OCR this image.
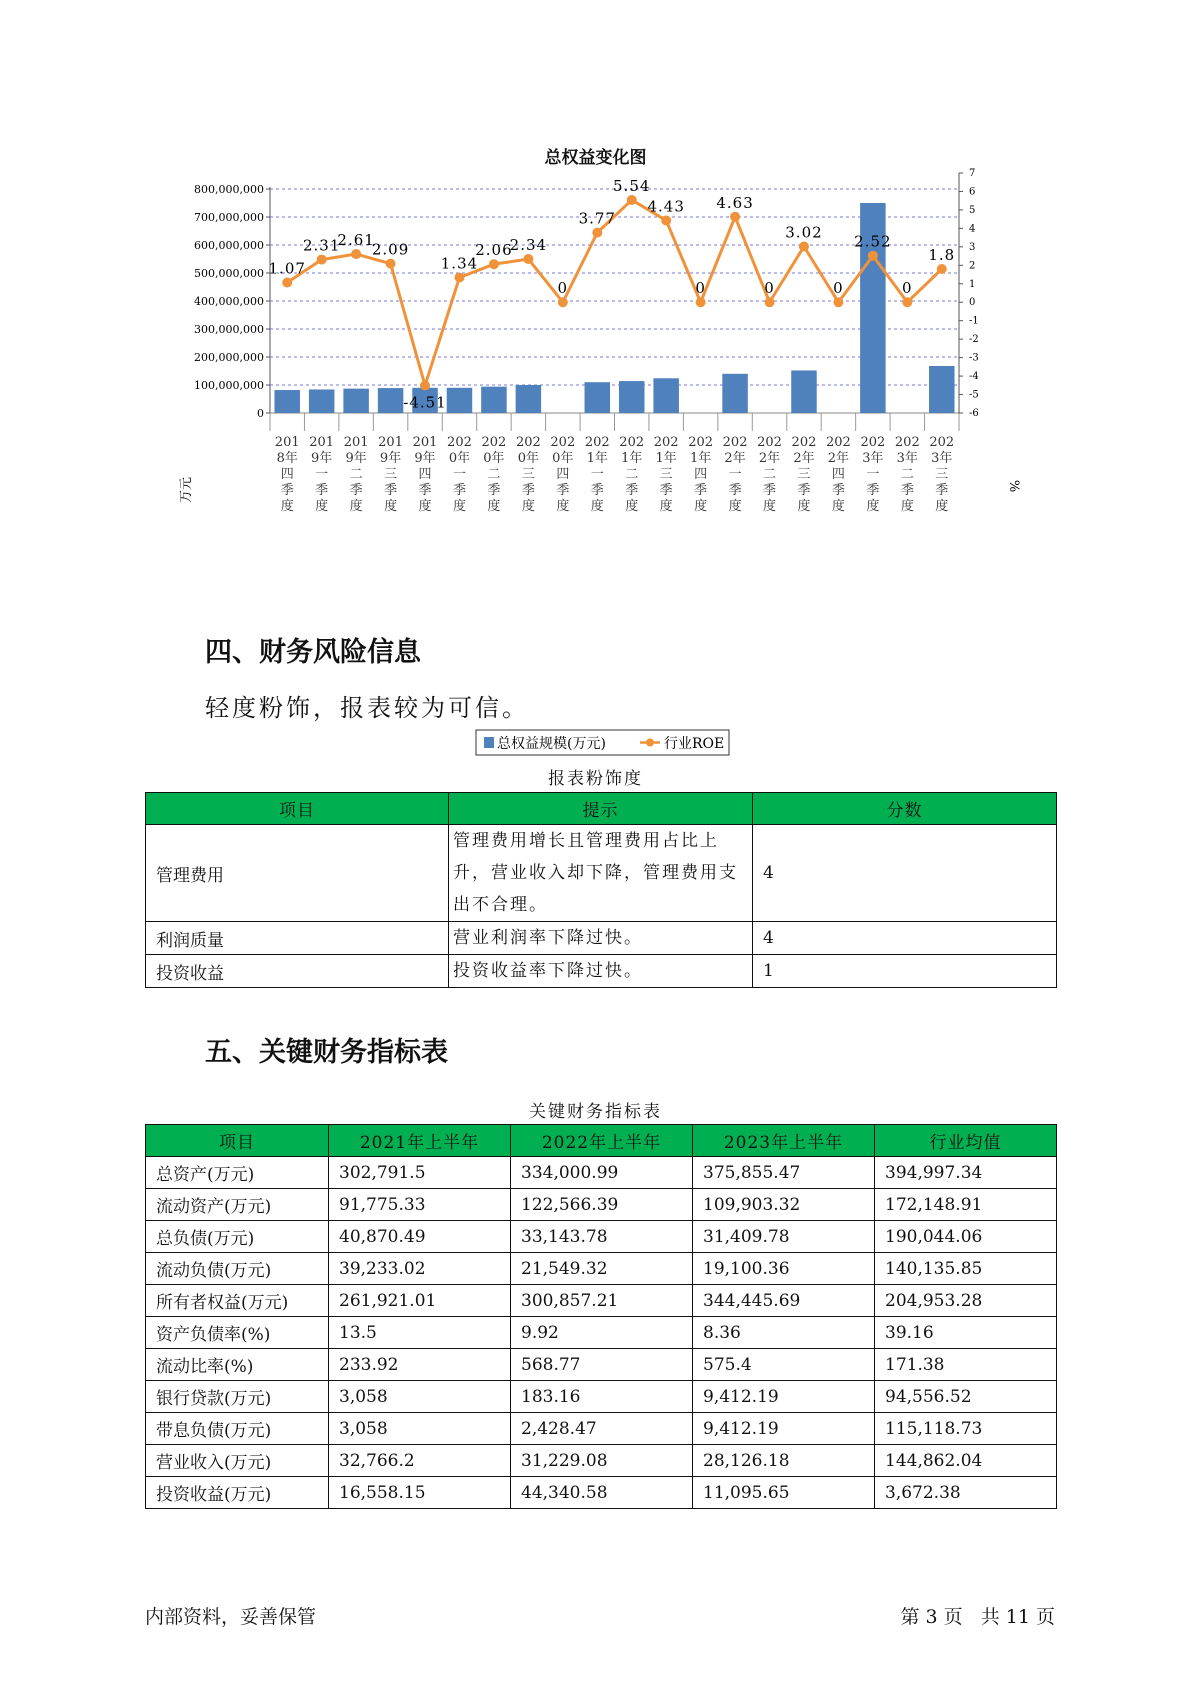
总权益变化图
0
100,000,000
200,000,000
300,000,000
400,000,000
500,000,000
600,000,000
700,000,000
800,000,000
-6
-5
-4
-3
-2
-1
0
1
2
3
4
5
6
7
1.07
2.31
2.61
2.09
-4.51
1.34
2.06
2.34
0
3.77
5.54
4.43
0
4.63
0
3.02
0
2.52
0
1.8
201
8年
四
季
度
201
9年
一
季
度
201
9年
二
季
度
201
9年
三
季
度
201
9年
四
季
度
202
0年
一
季
度
202
0年
二
季
度
202
0年
三
季
度
202
0年
四
季
度
202
1年
一
季
度
202
1年
二
季
度
202
1年
三
季
度
202
1年
四
季
度
202
2年
一
季
度
202
2年
二
季
度
202
2年
三
季
度
202
2年
四
季
度
202
3年
一
季
度
202
3年
二
季
度
202
3年
三
季
度
万元	%
总权益规模(万元)	行业ROE
四、财务风险信息
轻度粉饰，报表较为可信。
报表粉饰度
项目	提示	分数
管理费用	管理费用增长且管理费用占比上升，营业收入却下降，管理费用支出不合理。	4
利润质量	营业利润率下降过快。	4
投资收益	投资收益率下降过快。	1
五、关键财务指标表
关键财务指标表
项目	2021年上半年	2022年上半年	2023年上半年	行业均值
总资产(万元)	302,791.5	334,000.99	375,855.47	394,997.34
流动资产(万元)	91,775.33	122,566.39	109,903.32	172,148.91
总负债(万元)	40,870.49	33,143.78	31,409.78	190,044.06
流动负债(万元)	39,233.02	21,549.32	19,100.36	140,135.85
所有者权益(万元)	261,921.01	300,857.21	344,445.69	204,953.28
资产负债率(%)	13.5	9.92	8.36	39.16
流动比率(%)	233.92	568.77	575.4	171.38
银行贷款(万元)	3,058	183.16	9,412.19	94,556.52
带息负债(万元)	3,058	2,428.47	9,412.19	115,118.73
营业收入(万元)	32,766.2	31,229.08	28,126.18	144,862.04
投资收益(万元)	16,558.15	44,340.58	11,095.65	3,672.38
内部资料，妥善保管	第 3 页   共 11 页
